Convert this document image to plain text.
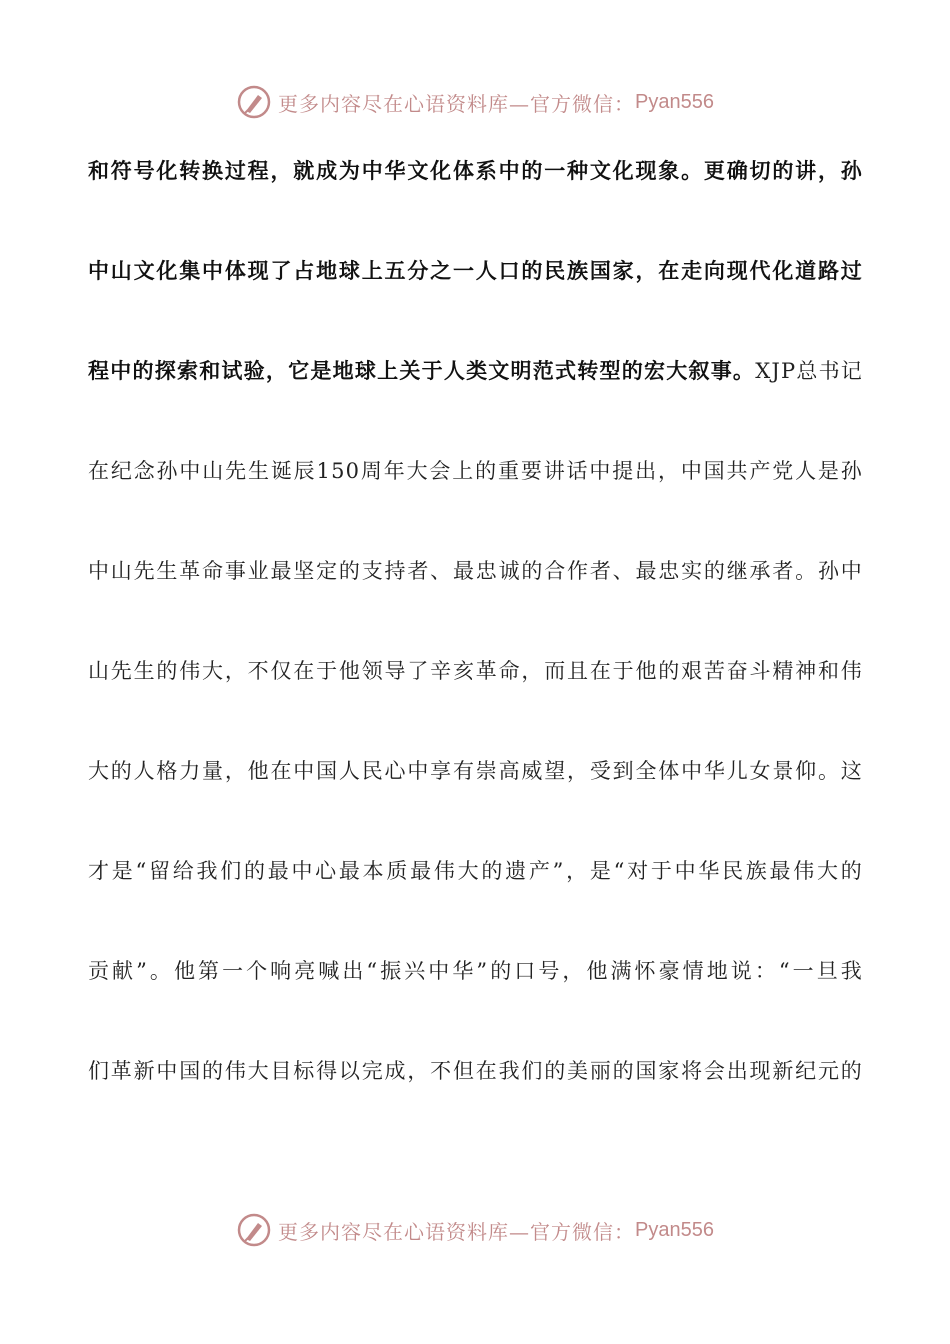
更多内容尽在心语资料库—官方微信： Pyan556
和符号化转换过程，就成为中华文化体系中的一种文化现象。更确切的讲，孙
中山文化集中体现了占地球上五分之一人口的民族国家，在走向现代化道路过
程中的探索和试验，它是地球上关于人类文明范式转型的宏大叙事。XJP总书记
在纪念孙中山先生诞辰150周年大会上的重要讲话中提出，中国共产党人是孙
中山先生革命事业最坚定的支持者、最忠诚的合作者、最忠实的继承者。孙中
山先生的伟大，不仅在于他领导了辛亥革命，而且在于他的艰苦奋斗精神和伟
大的人格力量，他在中国人民心中享有崇高威望，受到全体中华儿女景仰。这
才是“留给我们的最中心最本质最伟大的遗产”，是“对于中华民族最伟大的
贡献”。他第一个响亮喊出“振兴中华”的口号，他满怀豪情地说：“一旦我
们革新中国的伟大目标得以完成，不但在我们的美丽的国家将会出现新纪元的
更多内容尽在心语资料库—官方微信： Pyan556
